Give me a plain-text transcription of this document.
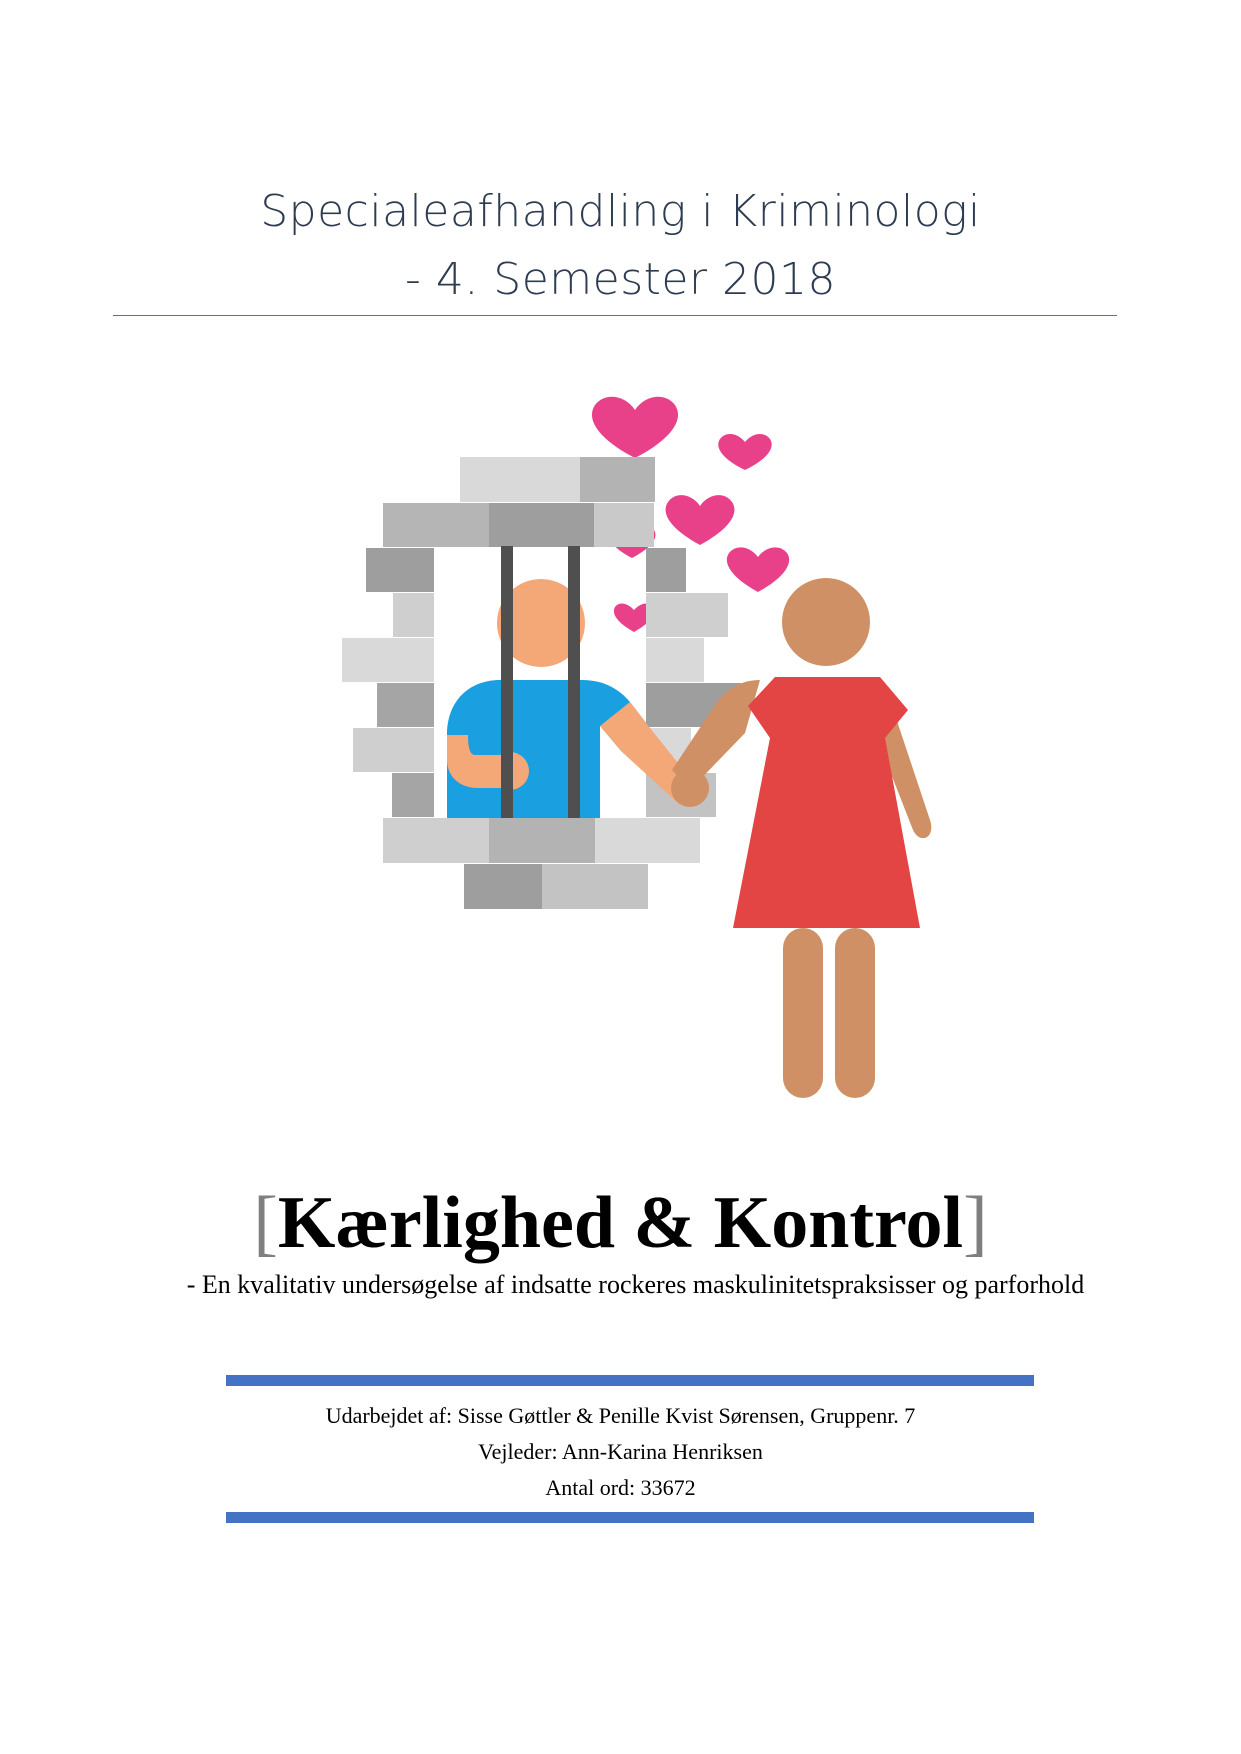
Specialeafhandling i Kriminologi
- 4. Semester 2018
[Kærlighed & Kontrol]
- En kvalitativ undersøgelse af indsatte rockeres maskulinitetspraksisser og parforhold
Udarbejdet af: Sisse Gøttler & Penille Kvist Sørensen, Gruppenr. 7
Vejleder: Ann-Karina Henriksen
Antal ord: 33672
